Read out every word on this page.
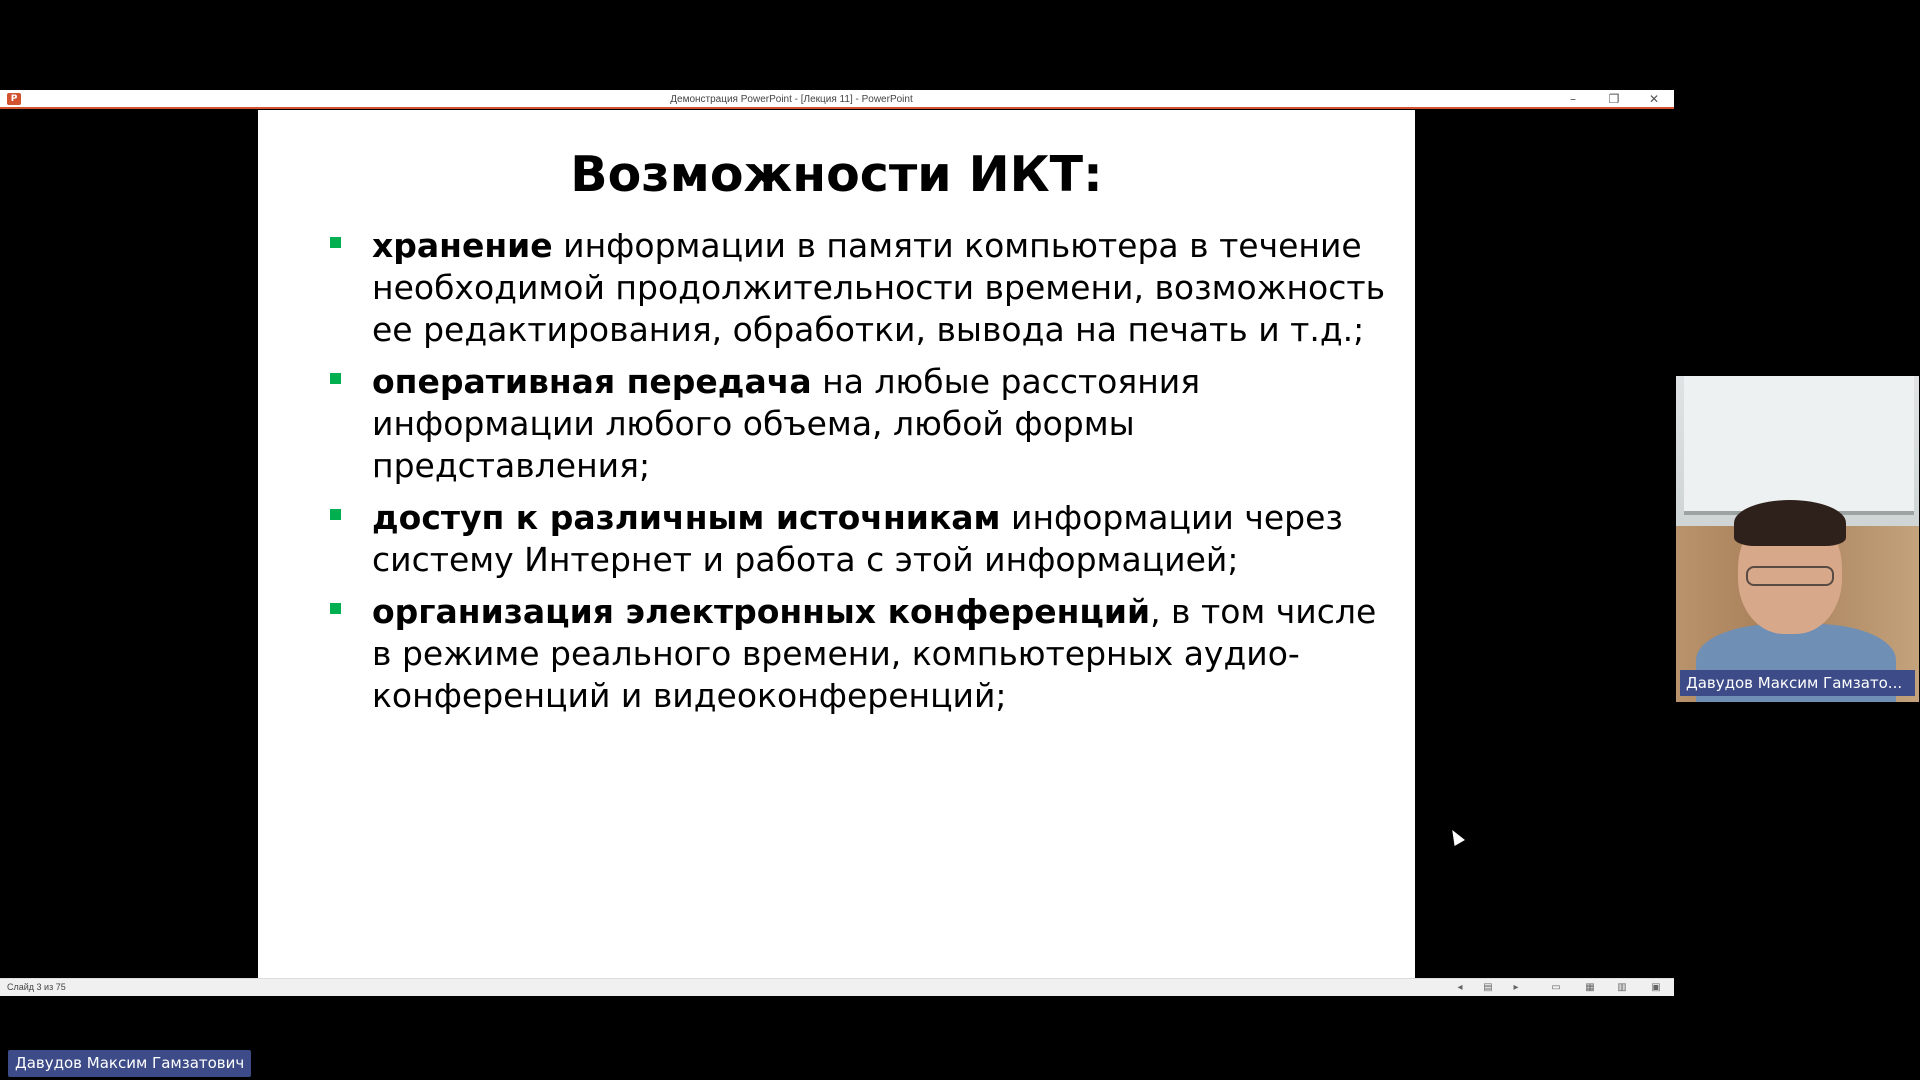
P	Демонстрация PowerPoint - [Лекция 11] - PowerPoint	–	❐	✕
Возможности ИКТ:
хранение информации в памяти компьютера в течение необходимой продолжительности времени, возможность ее редактирования, обработки, вывода на печать и т.д.;
оперативная передача на любые расстояния информации любого объема, любой формы представления;
доступ к различным источникам информации через систему Интернет и работа с этой информацией;
организация электронных конференций, в том числе в режиме реального времени, компьютерных аудио-конференций и видеоконференций;
Слайд 3 из 75	◂	▤	▸	▭ ▦ ▥ ▣
Давудов Максим Гамзато...
Давудов Максим Гамзатович
